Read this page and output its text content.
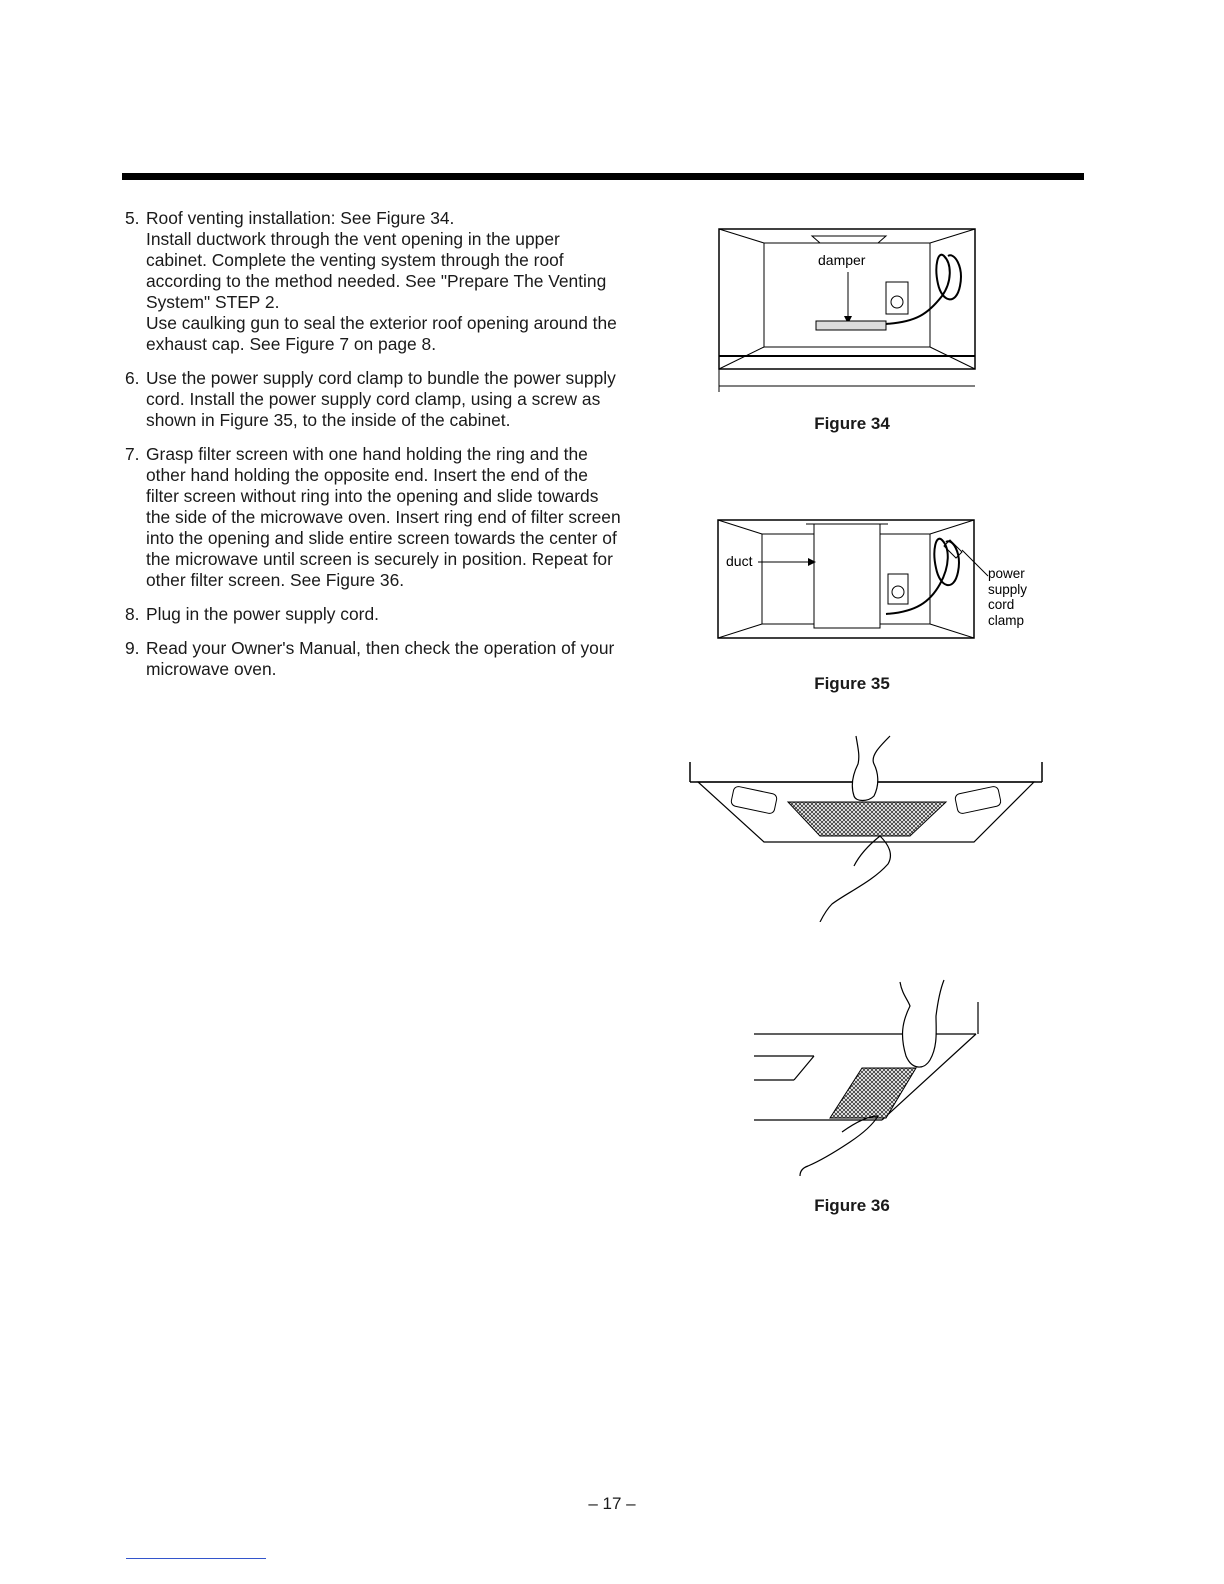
5. Roof venting installation: See Figure 34.

Install ductwork through the vent opening in the upper cabinet. Complete the venting system through the roof according to the method needed. See "Prepare The Venting System" STEP 2.

Use caulking gun to seal the exterior roof opening around the exhaust cap. See Figure 7 on page 8.

6. Use the power supply cord clamp to bundle the power supply cord. Install the power supply cord clamp, using a screw as shown in Figure 35, to the inside of the cabinet.

7. Grasp filter screen with one hand holding the ring and the other hand holding the opposite end. Insert the end of the filter screen without ring into the opening and slide towards the side of the microwave oven. Insert ring end of filter screen into the opening and slide entire screen towards the center of the microwave until screen is securely in position. Repeat for other filter screen. See Figure 36.

8. Plug in the power supply cord.

9. Read your Owner's Manual, then check the operation of your microwave oven.

damper
Figure 34
duct
power
supply
cord
clamp
Figure 35
Figure 36
– 17 –
